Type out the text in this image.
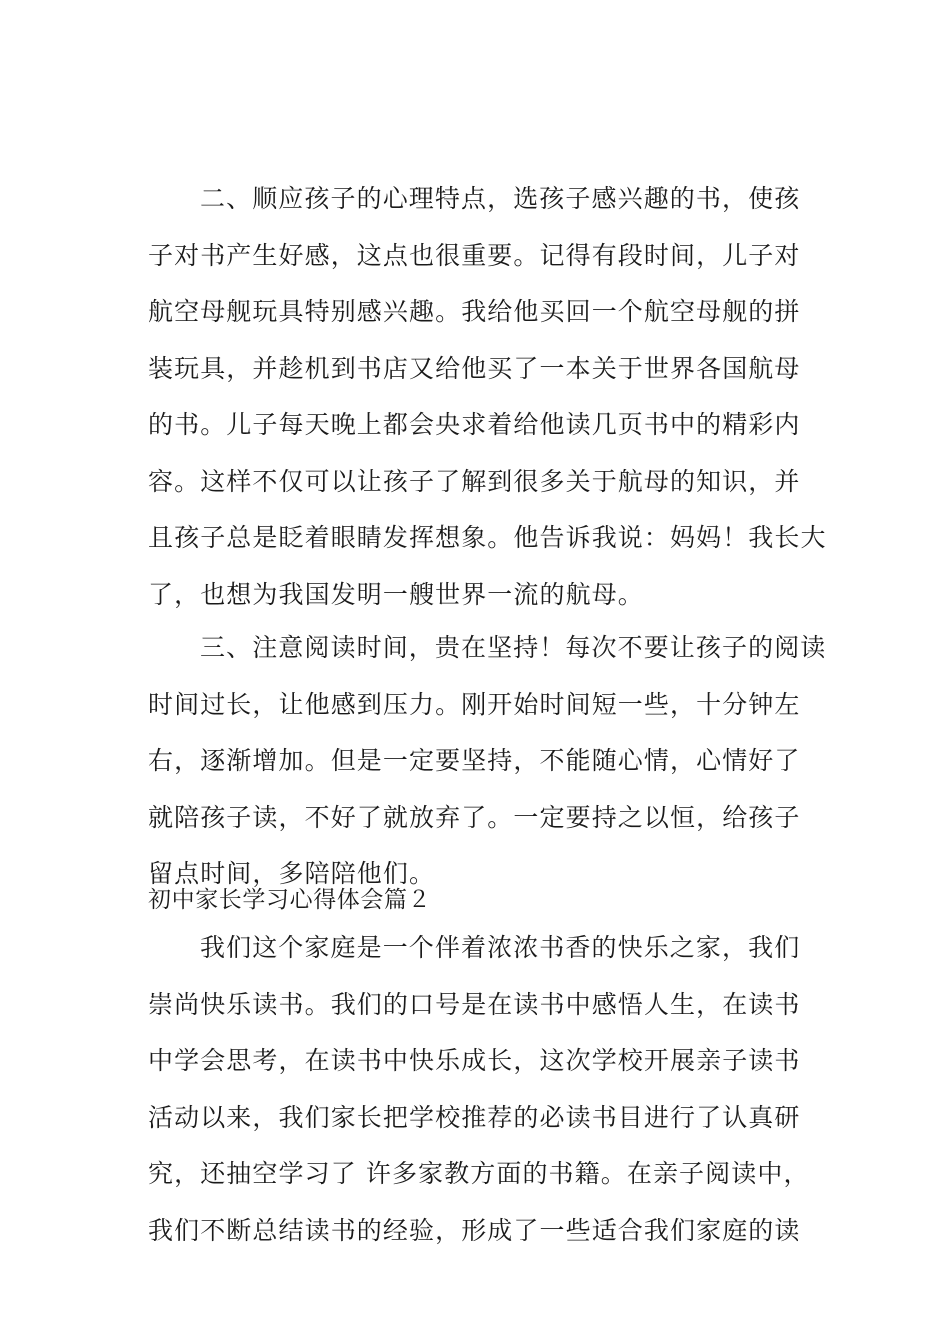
二、顺应孩子的心理特点，选孩子感兴趣的书，使孩
子对书产生好感，这点也很重要。记得有段时间，儿子对
航空母舰玩具特别感兴趣。我给他买回一个航空母舰的拼
装玩具，并趁机到书店又给他买了一本关于世界各国航母
的书。儿子每天晚上都会央求着给他读几页书中的精彩内
容。这样不仅可以让孩子了解到很多关于航母的知识，并
且孩子总是眨着眼睛发挥想象。他告诉我说：妈妈！我长大
了，也想为我国发明一艘世界一流的航母。
三、注意阅读时间，贵在坚持！每次不要让孩子的阅读
时间过长，让他感到压力。刚开始时间短一些，十分钟左
右，逐渐增加。但是一定要坚持，不能随心情，心情好了
就陪孩子读，不好了就放弃了。一定要持之以恒，给孩子
留点时间，多陪陪他们。
初中家长学习心得体会篇２
我们这个家庭是一个伴着浓浓书香的快乐之家，我们
崇尚快乐读书。我们的口号是在读书中感悟人生，在读书
中学会思考，在读书中快乐成长，这次学校开展亲子读书
活动以来，我们家长把学校推荐的必读书目进行了认真研
究，还抽空学习了 许多家教方面的书籍。在亲子阅读中，
我们不断总结读书的经验，形成了一些适合我们家庭的读
